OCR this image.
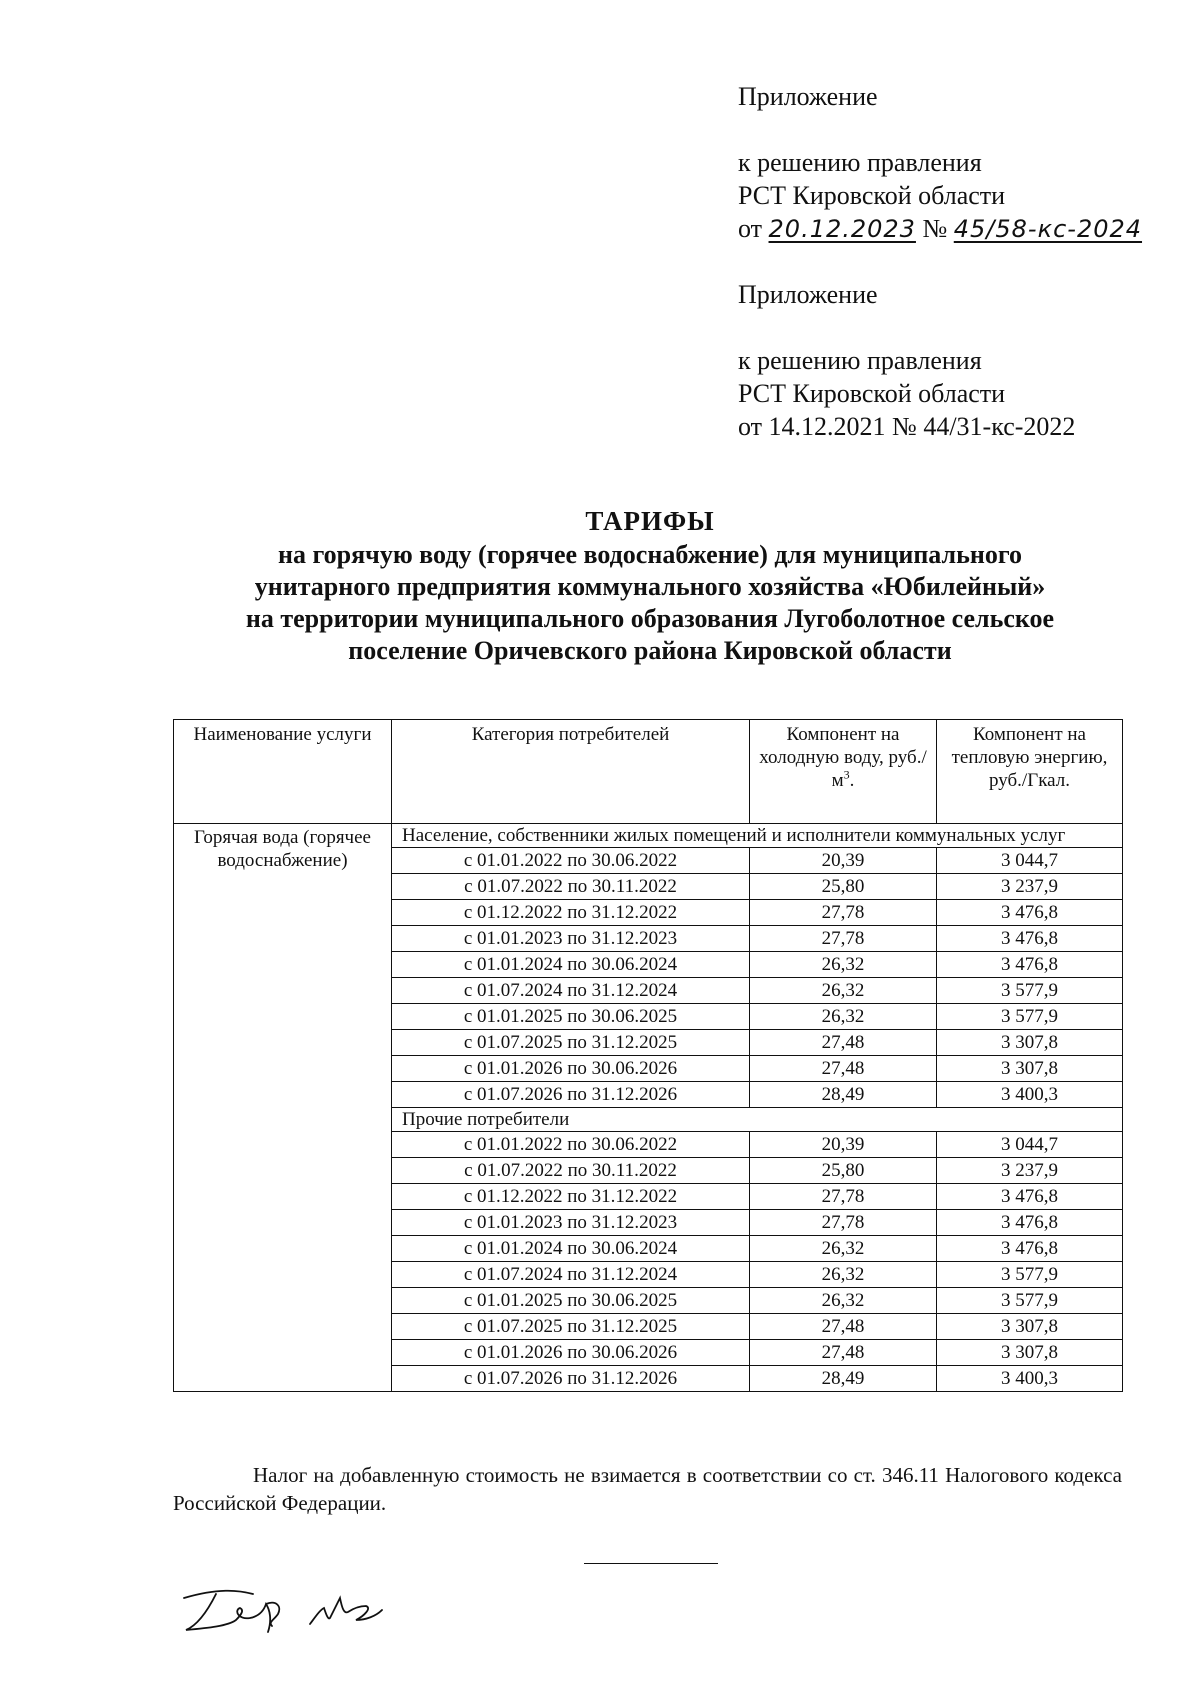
Приложение
к решению правления
РСТ Кировской области
от 20.12.2023 № 45/58-кс-2024
Приложение
к решению правления
РСТ Кировской области
от 14.12.2021 № 44/31-кс-2022
ТАРИФЫ
на горячую воду (горячее водоснабжение) для муниципального
унитарного предприятия коммунального хозяйства «Юбилейный»
на территории муниципального образования Лугоболотное сельское
поселение Оричевского района Кировской области
Наименование услуги	Категория потребителей	Компонент на холодную воду, $руб./м^3$.	Компонент на тепловую энергию, руб./Гкал.
Горячая вода (горячее водоснабжение)	Население, собственники жилых помещений и исполнители коммунальных услуг		
	с 01.01.2022 по 30.06.2022	20,39	3 044,7
	с 01.07.2022 по 30.11.2022	25,80	3 237,9
	с 01.12.2022 по 31.12.2022	27,78	3 476,8
	с 01.01.2023 по 31.12.2023	27,78	3 476,8
	с 01.01.2024 по 30.06.2024	26,32	3 476,8
	с 01.07.2024 по 31.12.2024	26,32	3 577,9
	с 01.01.2025 по 30.06.2025	26,32	3 577,9
	с 01.07.2025 по 31.12.2025	27,48	3 307,8
	с 01.01.2026 по 30.06.2026	27,48	3 307,8
	с 01.07.2026 по 31.12.2026	28,49	3 400,3
	Прочие потребители		
	с 01.01.2022 по 30.06.2022	20,39	3 044,7
	с 01.07.2022 по 30.11.2022	25,80	3 237,9
	с 01.12.2022 по 31.12.2022	27,78	3 476,8
	с 01.01.2023 по 31.12.2023	27,78	3 476,8
	с 01.01.2024 по 30.06.2024	26,32	3 476,8
	с 01.07.2024 по 31.12.2024	26,32	3 577,9
	с 01.01.2025 по 30.06.2025	26,32	3 577,9
	с 01.07.2025 по 31.12.2025	27,48	3 307,8
	с 01.01.2026 по 30.06.2026	27,48	3 307,8
	с 01.07.2026 по 31.12.2026	28,49	3 400,3
Налог на добавленную стоимость не взимается в соответствии со ст. 346.11 Налогового кодекса Российской Федерации.
